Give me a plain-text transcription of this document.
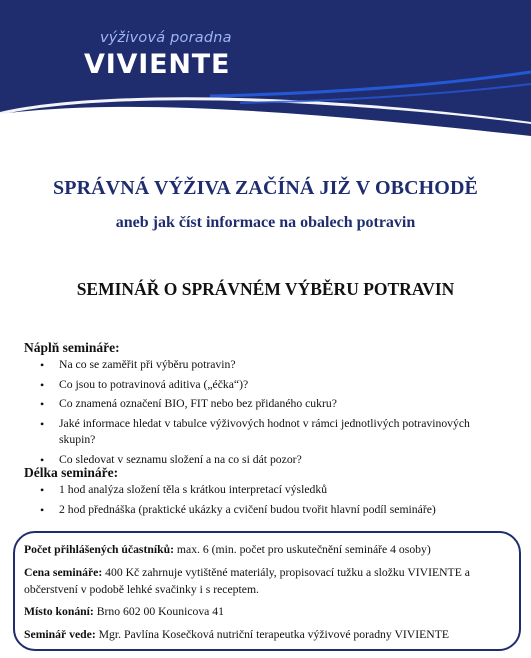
výživová poradna
VIVIENTE
SPRÁVNÁ VÝŽIVA ZAČÍNÁ JIŽ V OBCHODĚ
aneb jak číst informace na obalech potravin
SEMINÁŘ O SPRÁVNÉM VÝBĚRU POTRAVIN
Náplň semináře:
• Na co se zaměřit při výběru potravin?
• Co jsou to potravinová aditiva („éčka“)?
• Co znamená označení BIO, FIT nebo bez přidaného cukru?
• Jaké informace hledat v tabulce výživových hodnot v rámci jednotlivých potravinových skupin?
• Co sledovat v seznamu složení a na co si dát pozor?
Délka semináře:
• 1 hod analýza složení těla s krátkou interpretací výsledků
• 2 hod přednáška (praktické ukázky a cvičení budou tvořit hlavní podíl semináře)
Počet přihlášených účastníků: max. 6 (min. počet pro uskutečnění semináře 4 osoby)
Cena semináře: 400 Kč zahrnuje vytištěné materiály, propisovací tužku a složku VIVIENTE a občerstvení v podobě lehké svačinky i s receptem.
Místo konání: Brno 602 00 Kounicova 41
Seminář vede: Mgr. Pavlína Kosečková nutriční terapeutka výživové poradny VIVIENTE
